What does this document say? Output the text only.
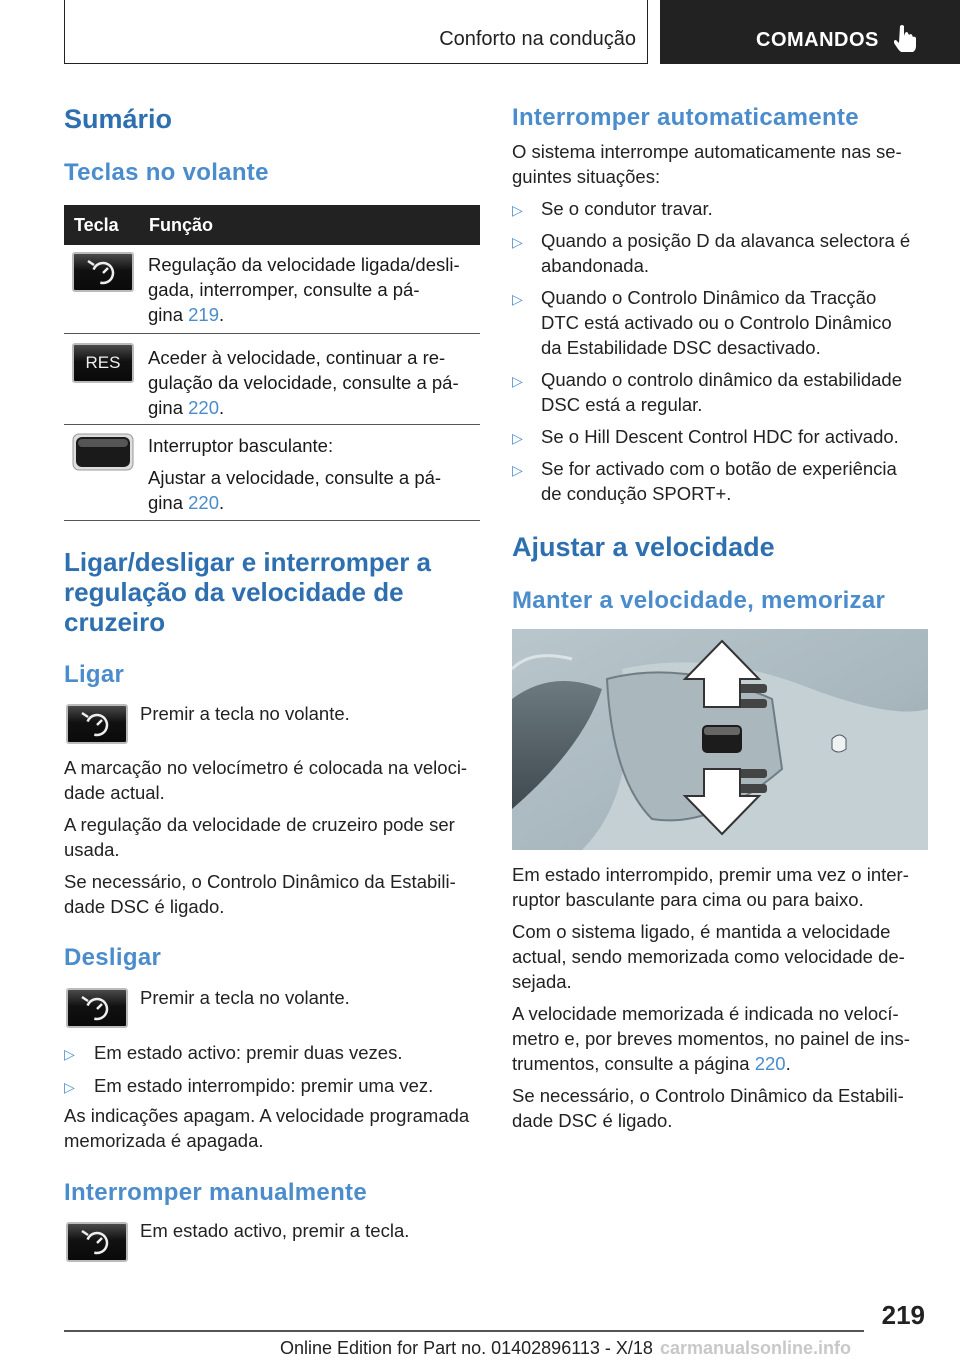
Conforto na condução	COMANDOS
Sumário
Teclas no volante
Tecla Função
Regulação da velocidade ligada/desli-
gada, interromper, consulte a pá-
gina 219.
RES	Aceder à velocidade, continuar a re-
gulação da velocidade, consulte a pá-
gina 220.
Interruptor basculante:
Ajustar a velocidade, consulte a pá-
gina 220.
Ligar/desligar e interromper a
regulação da velocidade de
cruzeiro
Ligar
Premir a tecla no volante.
A marcação no velocímetro é colocada na veloci-
dade actual.
A regulação da velocidade de cruzeiro pode ser
usada.
Se necessário, o Controlo Dinâmico da Estabili-
dade DSC é ligado.
Desligar
Premir a tecla no volante.
▷ Em estado activo: premir duas vezes.
▷ Em estado interrompido: premir uma vez.
As indicações apagam. A velocidade programada
memorizada é apagada.
Interromper manualmente
Em estado activo, premir a tecla.
Interromper automaticamente
O sistema interrompe automaticamente nas se-
guintes situações:
▷ Se o condutor travar.
▷ Quando a posição D da alavanca selectora é
abandonada.
▷ Quando o Controlo Dinâmico da Tracção
DTC está activado ou o Controlo Dinâmico
da Estabilidade DSC desactivado.
▷ Quando o controlo dinâmico da estabilidade
DSC está a regular.
▷ Se o Hill Descent Control HDC for activado.
▷ Se for activado com o botão de experiência
de condução SPORT+.
Ajustar a velocidade
Manter a velocidade, memorizar
Em estado interrompido, premir uma vez o inter-
ruptor basculante para cima ou para baixo.
Com o sistema ligado, é mantida a velocidade
actual, sendo memorizada como velocidade de-
sejada.
A velocidade memorizada é indicada no velocí-
metro e, por breves momentos, no painel de ins-
trumentos, consulte a página 220.
Se necessário, o Controlo Dinâmico da Estabili-
dade DSC é ligado.
219
Online Edition for Part no. 01402896113 - X/18 carmanualsonline.info
